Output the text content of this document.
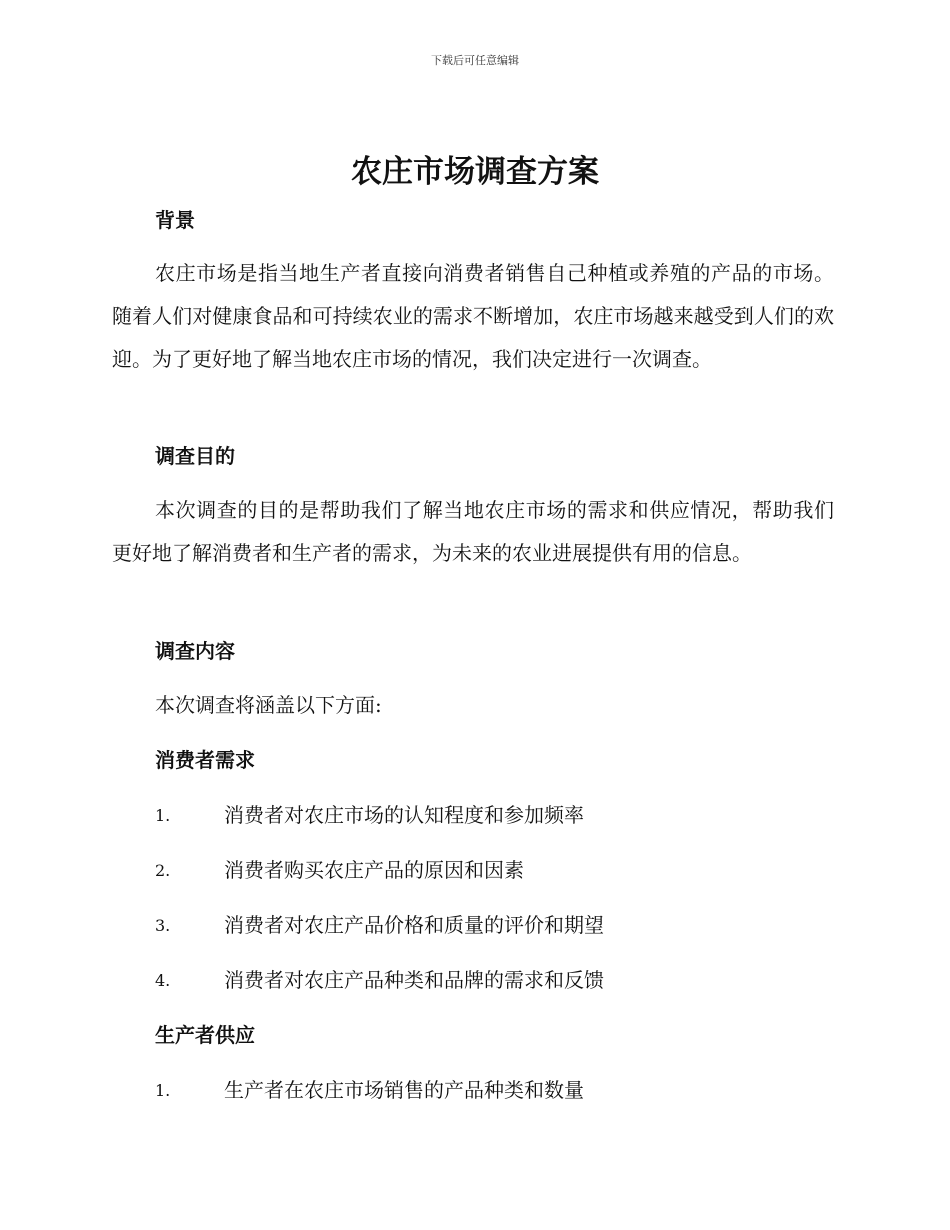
下载后可任意编辑
农庄市场调查方案
背景

农庄市场是指当地生产者直接向消费者销售自己种植或养殖的产品的市场。随着人们对健康食品和可持续农业的需求不断增加，农庄市场越来越受到人们的欢迎。为了更好地了解当地农庄市场的情况，我们决定进行一次调查。

调查目的

本次调查的目的是帮助我们了解当地农庄市场的需求和供应情况，帮助我们更好地了解消费者和生产者的需求，为未来的农业进展提供有用的信息。

调查内容

本次调查将涵盖以下方面:

消费者需求
1.	消费者对农庄市场的认知程度和参加频率
2.	消费者购买农庄产品的原因和因素
3.	消费者对农庄产品价格和质量的评价和期望
4.	消费者对农庄产品种类和品牌的需求和反馈
生产者供应
1.	生产者在农庄市场销售的产品种类和数量
